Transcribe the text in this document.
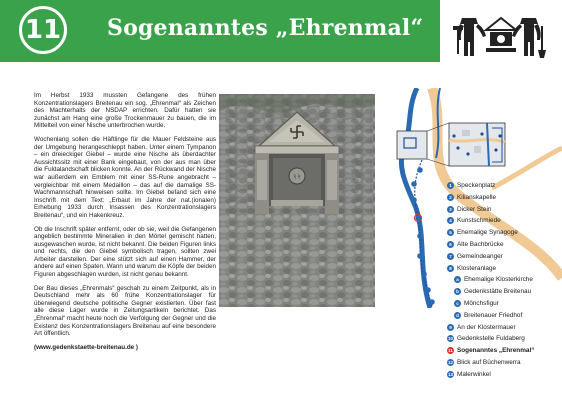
11 Sogenanntes „Ehrenmal“

Im Herbst 1933 mussten Gefangene des frühen Konzentrationslagers Breitenau ein sog. „Ehrenmal“ als Zeichen des Machterhalts der NSDAP errichten. Dafür hatten sie zunächst am Hang eine große Trockenmauer zu bauen, die im Mittelteil von einer Nische unterbrochen wurde.

Wochenlang sollen die Häftlinge für die Mauer Feldsteine aus der Umgebung herangeschleppt haben. Unter einem Tympanon – ein dreieckiger Giebel – wurde eine Nische als überdachter Aussichtssitz mit einer Bank eingebaut, von der aus man über die Fuldalandschaft blicken konnte. An der Rückwand der Nische war außerdem ein Emblem mit einer SS-Rune angebracht – vergleichbar mit einem Medaillon – das auf die damalige SS-Wachmannschaft hinweisen sollte. Im Giebel befand sich eine Inschrift mit dem Text: „Erbaut im Jahre der nat.(ionalen) Erhebung 1933 durch Insassen des Konzentrationslagers Breitenau“, und ein Hakenkreuz.

Ob die Inschrift später entfernt, oder ob sie, weil die Gefangenen angeblich bestimmte Mineralien in den Mörtel gemischt hatten, ausgewaschen wurde, ist nicht bekannt. Die beiden Figuren links und rechts, die den Giebel symbolisch tragen, sollten zwei Arbeiter darstellen. Der eine stützt sich auf einen Hammer, der andere auf einen Spaten. Wann und warum die Köpfe der beiden Figuren abgeschlagen wurden, ist nicht genau bekannt.

Der Bau dieses „Ehrenmals“ geschah zu einem Zeitpunkt, als in Deutschland mehr als 60 frühe Konzentrationslager für überwiegend deutsche politische Gegner existierten. Über fast alle diese Lager wurde in Zeitungsartikeln berichtet. Das „Ehrenmal“ macht heute noch die Verfolgung der Gegner und die Existenz des Konzentrationslagers Breitenau auf eine besondere Art öffentlich.

(www.gedenkstaette-breitenau.de )

ᛋᛋ
1 Speckenplatz
2 Kilianskapelle
3 Dicker Stein
4 Kunstschmiede
5 Ehemalige Synagoge
6 Alte Bachbrücke
7 Gemeindeanger
8 Klosteranlage
a Ehemalige Klosterkirche
b Gedenkstätte Breitenau
c Mönchsfigur
d Breitenauer Friedhof
9 An der Klostermauer
10 Gedenkstelle Fuldaberg
11 Sogenanntes „Ehrenmal“
12 Blick auf Büchenwerra
13 Malerwinkel
